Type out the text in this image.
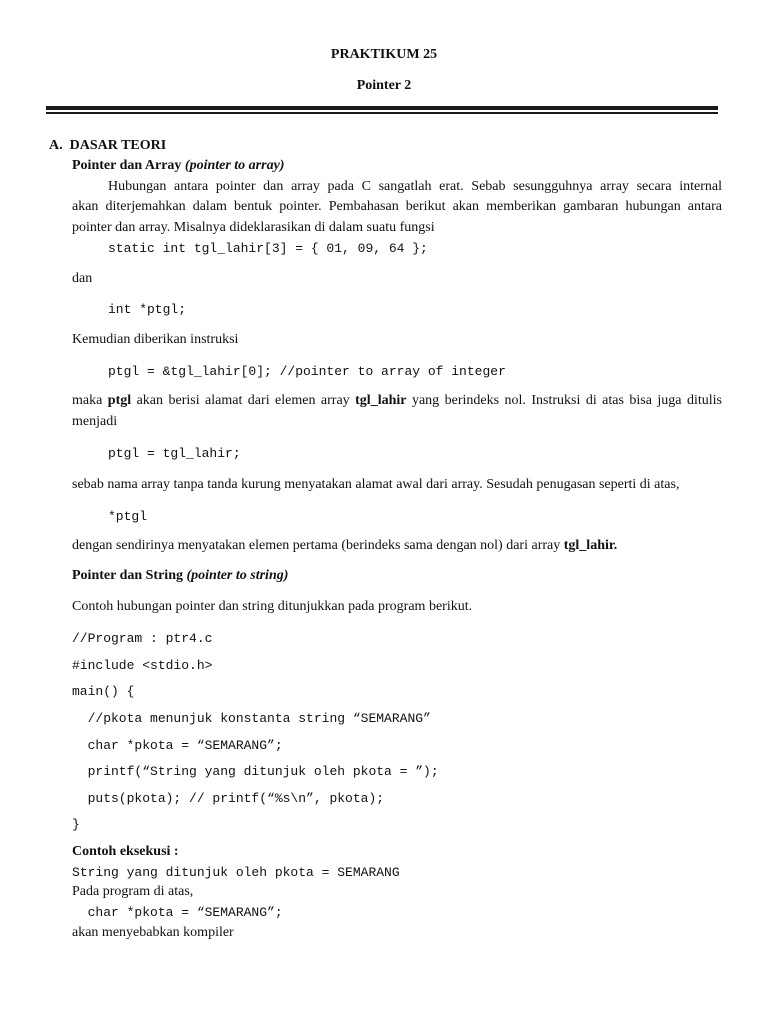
PRAKTIKUM 25
Pointer 2
A.  DASAR TEORI
Pointer dan Array (pointer to array)
Hubungan antara pointer dan array pada C sangatlah erat. Sebab sesungguhnya array secara internal
akan diterjemahkan dalam bentuk pointer. Pembahasan berikut akan memberikan gambaran hubungan antara
pointer dan array. Misalnya dideklarasikan di dalam suatu fungsi
static int tgl_lahir[3] = { 01, 09, 64 };
dan
int *ptgl;
Kemudian diberikan instruksi
ptgl = &tgl_lahir[0]; //pointer to array of integer
maka ptgl akan berisi alamat dari elemen array tgl_lahir yang berindeks nol. Instruksi di atas bisa juga ditulis
menjadi
ptgl = tgl_lahir;
sebab nama array tanpa tanda kurung menyatakan alamat awal dari array. Sesudah penugasan seperti di atas,
*ptgl
dengan sendirinya menyatakan elemen pertama (berindeks sama dengan nol) dari array tgl_lahir.
Pointer dan String (pointer to string)
Contoh hubungan pointer dan string ditunjukkan pada program berikut.
//Program : ptr4.c
#include <stdio.h>
main() {
//pkota menunjuk konstanta string “SEMARANG”
char *pkota = “SEMARANG”;
printf(“String yang ditunjuk oleh pkota = ”);
puts(pkota); // printf(“%s\n”, pkota);
}
Contoh eksekusi :
String yang ditunjuk oleh pkota = SEMARANG
Pada program di atas,
char *pkota = “SEMARANG”;
akan menyebabkan kompiler
